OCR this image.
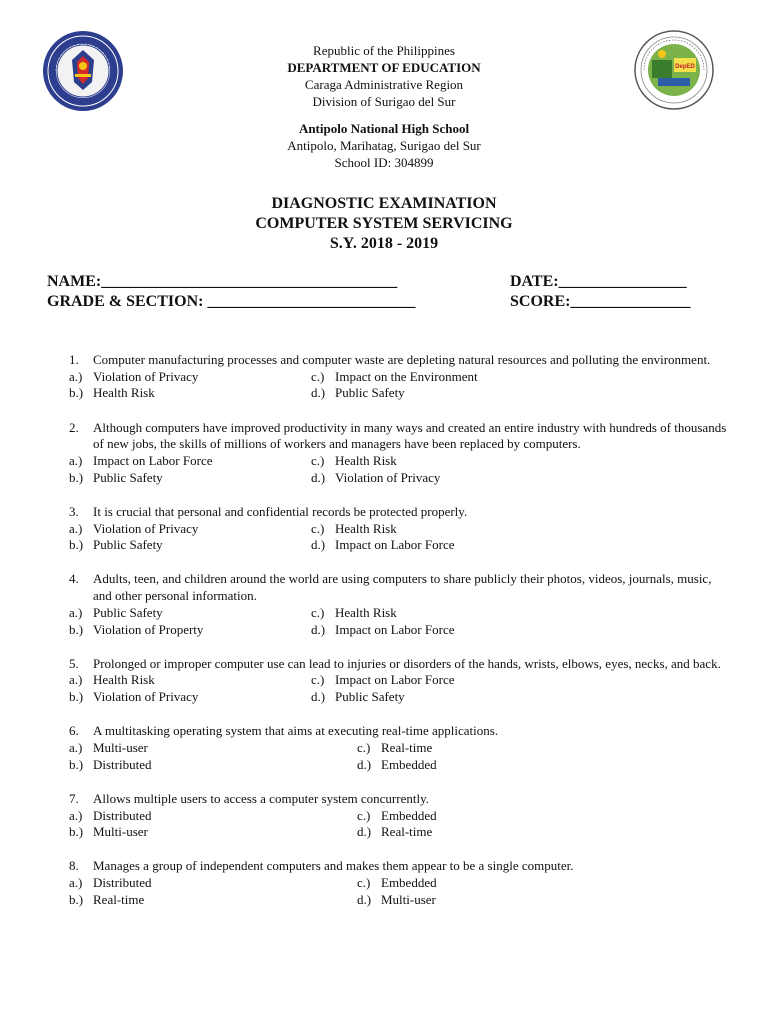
DepED
Republic of the Philippines
DEPARTMENT OF EDUCATION
Caraga Administrative Region
Division of Surigao del Sur
Antipolo National High School
Antipolo, Marihatag, Surigao del Sur
School ID: 304899
DIAGNOSTIC EXAMINATION
COMPUTER SYSTEM SERVICING
S.Y. 2018 - 2019
NAME:_____________________________________	DATE:________________
GRADE & SECTION: __________________________	SCORE:_______________
1. Computer manufacturing processes and computer waste are depleting natural resources and polluting the environment.
a.) Violation of Privacy	c.) Impact on the Environment
b.) Health Risk	d.) Public Safety
2. Although computers have improved productivity in many ways and created an entire industry with hundreds of thousands of new jobs, the skills of millions of workers and managers have been replaced by computers.
a.) Impact on Labor Force	c.) Health Risk
b.) Public Safety	d.) Violation of Privacy
3. It is crucial that personal and confidential records be protected properly.
a.) Violation of Privacy	c.) Health Risk
b.) Public Safety	d.) Impact on Labor Force
4. Adults, teen, and children around the world are using computers to share publicly their photos, videos, journals, music, and other personal information.
a.) Public Safety	c.) Health Risk
b.) Violation of Property	d.) Impact on Labor Force
5. Prolonged or improper computer use can lead to injuries or disorders of the hands, wrists, elbows, eyes, necks, and back.
a.) Health Risk	c.) Impact on Labor Force
b.) Violation of Privacy	d.) Public Safety
6. A multitasking operating system that aims at executing real-time applications.
a.) Multi-user	c.) Real-time
b.) Distributed	d.) Embedded
7. Allows multiple users to access a computer system concurrently.
a.) Distributed	c.) Embedded
b.) Multi-user	d.) Real-time
8. Manages a group of independent computers and makes them appear to be a single computer.
a.) Distributed	c.) Embedded
b.) Real-time	d.) Multi-user
